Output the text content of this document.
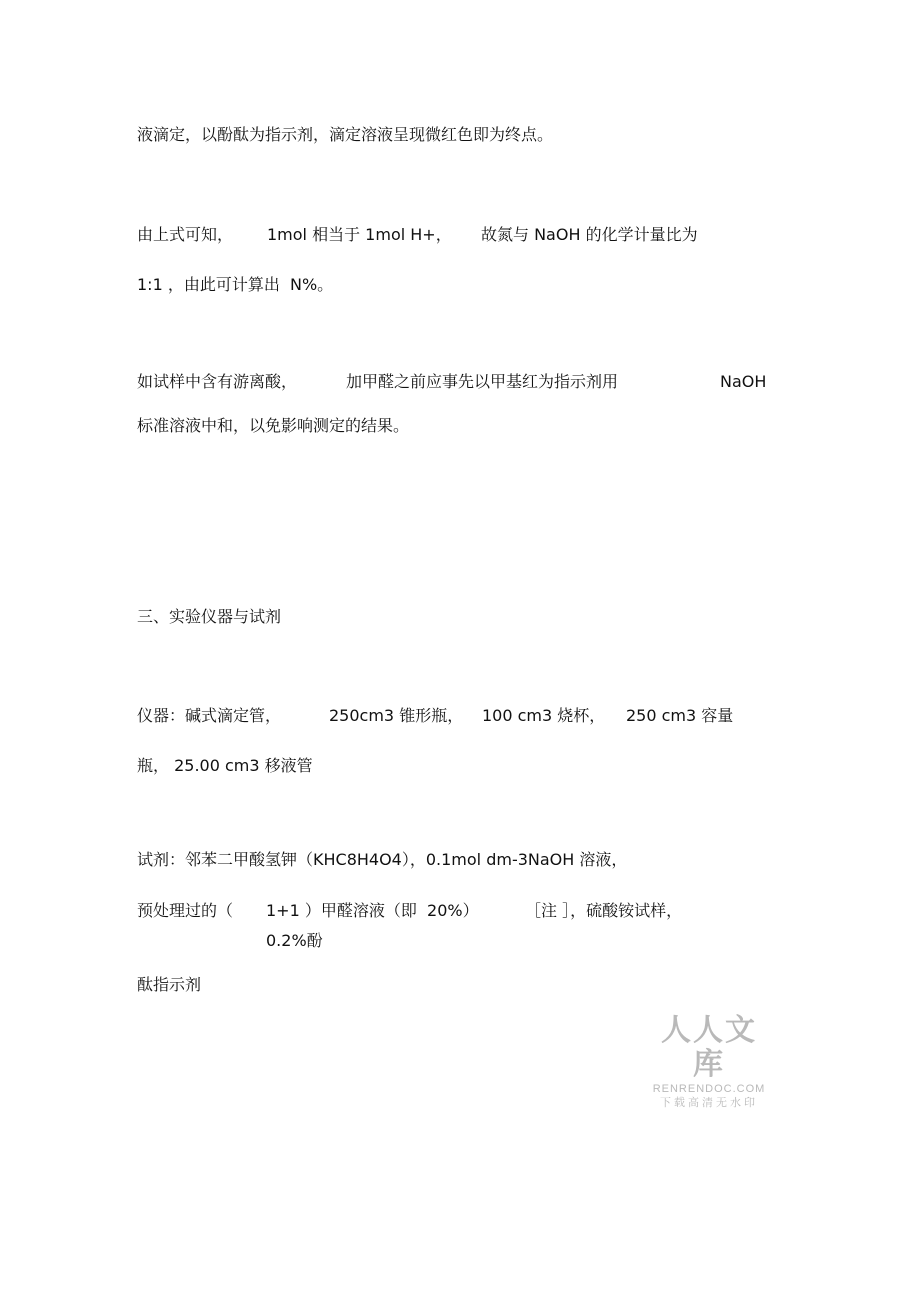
液滴定，以酚酞为指示剂，滴定溶液呈现微红色即为终点。

由上式可知， 1mol 相当于 1mol H+， 故氮与 NaOH 的化学计量比为

1:1 ，由此可计算出  N%。

如试样中含有游离酸，	加甲醛之前应事先以甲基红为指示剂用	NaOH

标准溶液中和，以免影响测定的结果。

三、实验仪器与试剂

仪器：碱式滴定管，	250cm3 锥形瓶， 100 cm3 烧杯， 250 cm3 容量

瓶， 25.00 cm3 移液管

试剂：邻苯二甲酸氢钾（KHC8H4O4），0.1mol dm-3NaOH 溶液，

预处理过的（ 1+1 ）甲醛溶液（即  20%）	［注 ］，硫酸铵试样，

0.2%酚

酞指示剂

人人文库
RENRENDOC.COM
下载高清无水印
